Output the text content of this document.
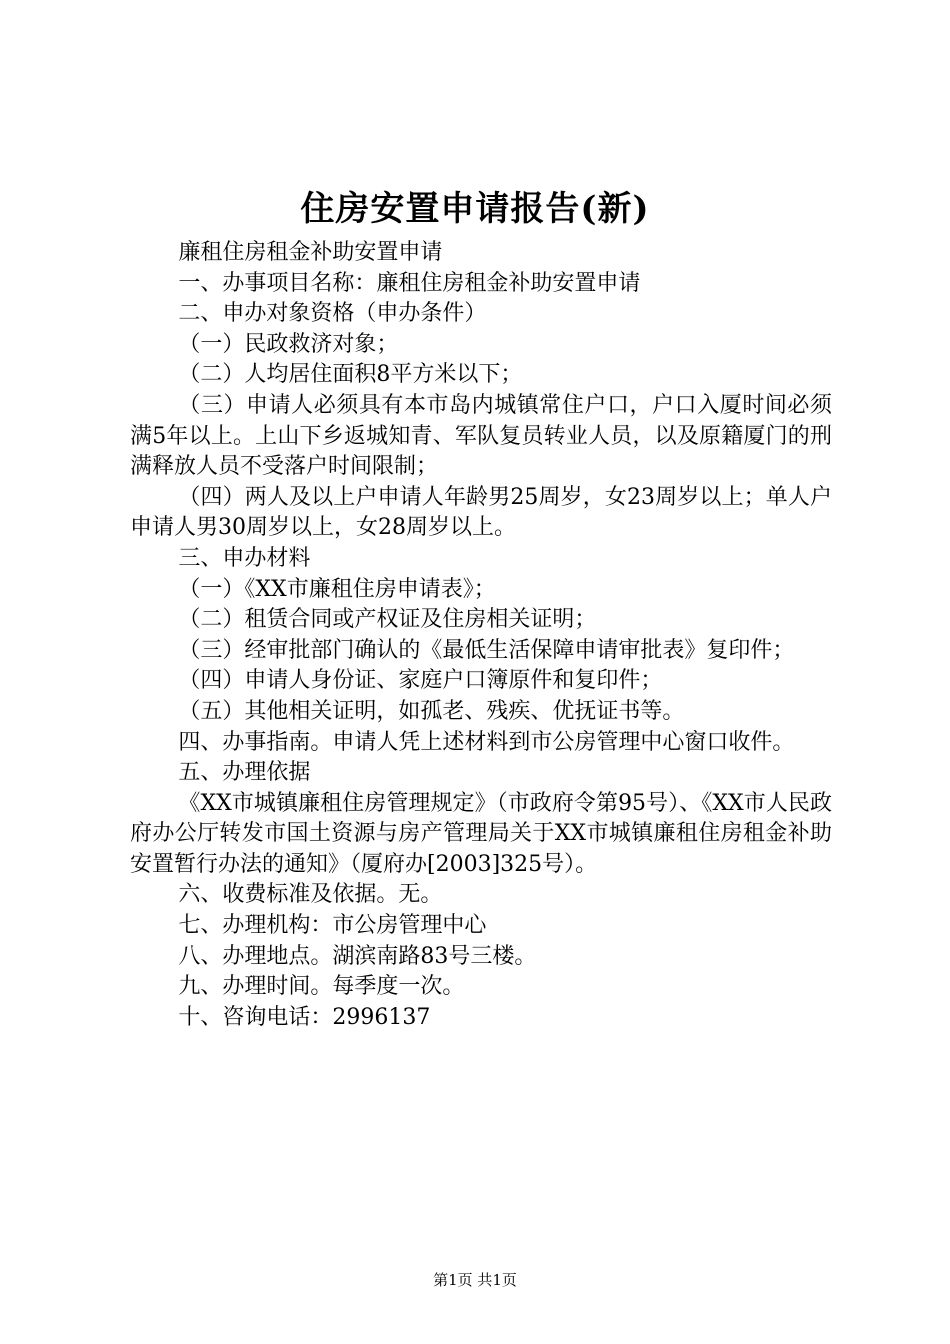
住房安置申请报告(新)

廉租住房租金补助安置申请

一、办事项目名称：廉租住房租金补助安置申请

二、申办对象资格（申办条件）

（一）民政救济对象；

（二）人均居住面积8平方米以下；

（三）申请人必须具有本市岛内城镇常住户口，户口入厦时间必须满5年以上。上山下乡返城知青、军队复员转业人员，以及原籍厦门的刑满释放人员不受落户时间限制；

（四）两人及以上户申请人年龄男25周岁，女23周岁以上；单人户申请人男30周岁以上，女28周岁以上。

三、申办材料

（一）《XX市廉租住房申请表》；

（二）租赁合同或产权证及住房相关证明；

（三）经审批部门确认的《最低生活保障申请审批表》复印件；

（四）申请人身份证、家庭户口簿原件和复印件；

（五）其他相关证明，如孤老、残疾、优抚证书等。

四、办事指南。申请人凭上述材料到市公房管理中心窗口收件。

五、办理依据

《XX市城镇廉租住房管理规定》（市政府令第95号）、《XX市人民政府办公厅转发市国土资源与房产管理局关于XX市城镇廉租住房租金补助安置暂行办法的通知》（厦府办[2003]325号）。

六、收费标准及依据。无。

七、办理机构：市公房管理中心

八、办理地点。湖滨南路83号三楼。

九、办理时间。每季度一次。

十、咨询电话：2996137

第1页 共1页
